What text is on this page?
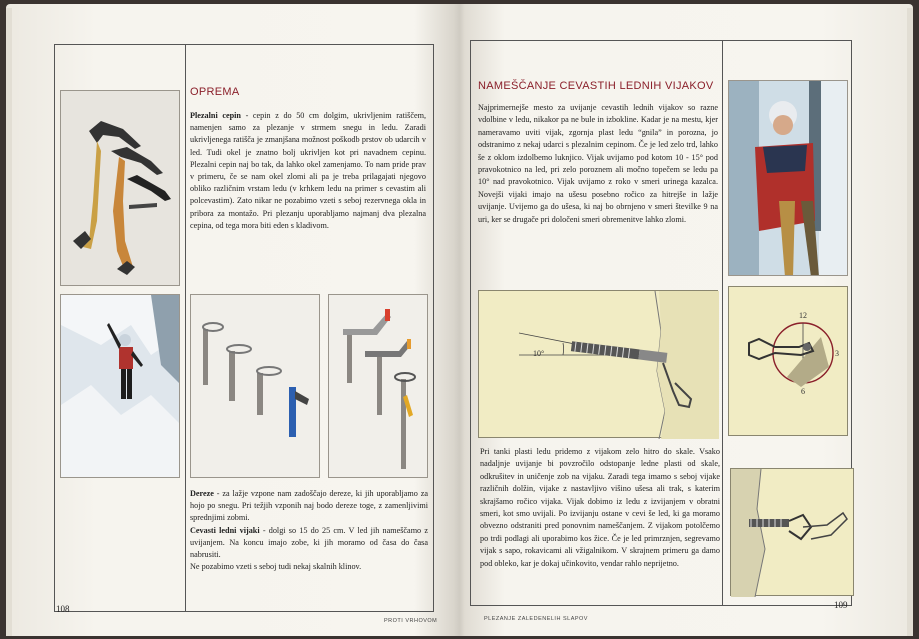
OPREMA
Plezalni cepin - cepin z do 50 cm dolgim, ukrivljenim ratiščem, namenjen samo za plezanje v strmem snegu in ledu. Zaradi ukrivljenega ratišča je zmanjšana možnost poškodb prstov ob udarcih v led. Tudi okel je znatno bolj ukrivljen kot pri navadnem cepinu. Plezalni cepin naj bo tak, da lahko okel zamenjamo. To nam pride prav v primeru, če se nam okel zlomi ali pa je treba prilagajati njegovo obliko različnim vrstam ledu (v krhkem ledu na primer s cevastim ali polcevastim). Zato nikar ne pozabimo vzeti s seboj rezervnega okla in pribora za montažo. Pri plezanju uporabljamo najmanj dva plezalna cepina, od tega mora biti eden s kladivom.

Dereze - za lažje vzpone nam zadoščajo dereze, ki jih uporabljamo za hojo po snegu. Pri težjih vzponih naj bodo dereze toge, z zamenljivimi sprednjimi zobmi.

Cevasti ledni vijaki - dolgi so 15 do 25 cm. V led jih nameščamo z uvijanjem. Na koncu imajo zobe, ki jih moramo od časa do časa nabrusiti.

Ne pozabimo vzeti s seboj tudi nekaj skalnih klinov.

108
PROTI VRHOVOM
NAMEŠČANJE CEVASTIH LEDNIH VIJAKOV
Najprimernejše mesto za uvijanje cevastih lednih vijakov so razne vdolbine v ledu, nikakor pa ne bule in izbokline. Kadar je na mestu, kjer nameravamo uviti vijak, zgornja plast ledu “gnila” in porozna, jo odstranimo z nekaj udarci s plezalnim cepinom. Če je led zelo trd, lahko še z oklom izdolbemo luknjico. Vijak uvijamo pod kotom 10 - 15° pod pravokotnico na led, pri zelo poroznem ali močno topečem se ledu pa 10° nad pravokotnico. Vijak uvijamo z roko v smeri urinega kazalca. Novejši vijaki imajo na ušesu posebno ročico za hitrejše in lažje uvijanje. Uvijemo ga do ušesa, ki naj bo obrnjeno v smeri številke 9 na uri, ker se drugače pri določeni smeri obremenitve lahko zlomi.
10°
12
3
6
Pri tanki plasti ledu pridemo z vijakom zelo hitro do skale. Vsako nadaljnje uvijanje bi povzročilo odstopanje ledne plasti od skale, odkrušitev in uničenje zob na vijaku. Zaradi tega imamo s seboj vijake različnih dolžin, vijake z nastavljivo višino ušesa ali trak, s katerim skrajšamo ročico vijaka. Vijak dobimo iz ledu z izvijanjem v obratni smeri, kot smo uvijali. Po izvijanju ostane v cevi še led, ki ga moramo obvezno odstraniti pred ponovnim nameščanjem. Z vijakom potolčemo po trdi podlagi ali uporabimo kos žice. Če je led primrznjen, segrevamo vijak s sapo, rokavicami ali vžigalnikom. V skrajnem primeru ga damo pod obleko, kar je dokaj učinkovito, vendar rahlo neprijetno.
109
PLEZANJE ZALEDENELIH SLAPOV
